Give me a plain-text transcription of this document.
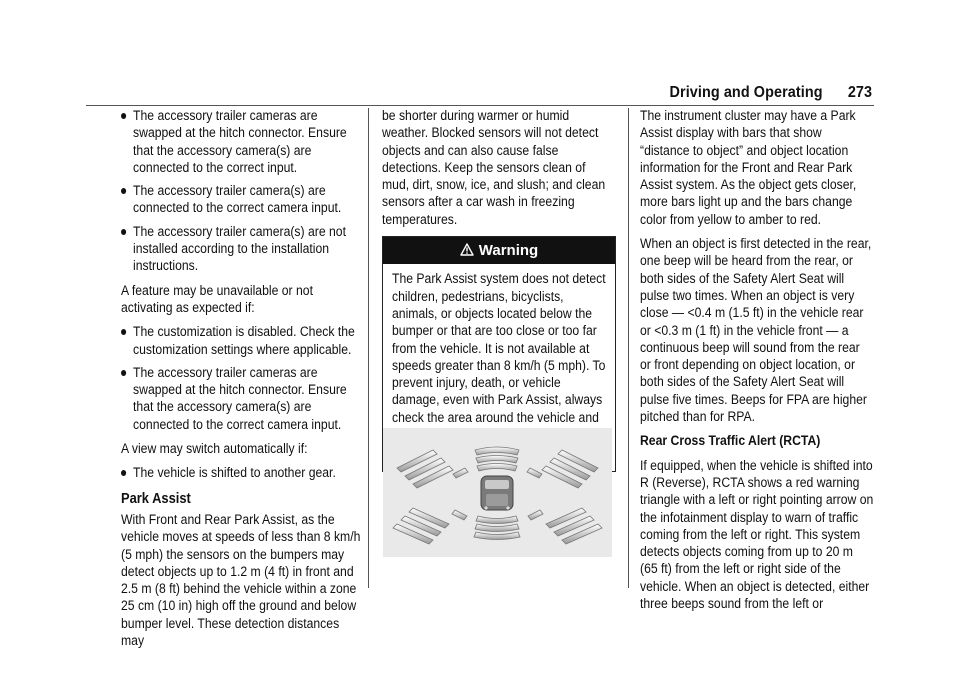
Driving and Operating 273
The accessory trailer cameras are swapped at the hitch connector. Ensure that the accessory camera(s) are connected to the correct input.
The accessory trailer camera(s) are connected to the correct camera input.
The accessory trailer camera(s) are not installed according to the installation instructions.

A feature may be unavailable or not activating as expected if:

The customization is disabled. Check the customization settings where applicable.
The accessory trailer cameras are swapped at the hitch connector. Ensure that the accessory camera(s) are connected to the correct camera input.

A view may switch automatically if:

The vehicle is shifted to another gear.
Park Assist

With Front and Rear Park Assist, as the vehicle moves at speeds of less than 8 km/h (5 mph) the sensors on the bumpers may detect objects up to 1.2 m (4 ft) in front and 2.5 m (8 ft) behind the vehicle within a zone 25 cm (10 in) high off the ground and below bumper level. These detection distances may

be shorter during warmer or humid weather. Blocked sensors will not detect objects and can also cause false detections. Keep the sensors clean of mud, dirt, snow, ice, and slush; and clean sensors after a car wash in freezing temperatures.

Warning
The Park Assist system does not detect children, pedestrians, bicyclists, animals, or objects located below the bumper or that are too close or too far from the vehicle. It is not available at speeds greater than 8 km/h (5 mph). To prevent injury, death, or vehicle damage, even with Park Assist, always check the area around the vehicle and

The instrument cluster may have a Park Assist display with bars that show “distance to object” and object location information for the Front and Rear Park Assist system. As the object gets closer, more bars light up and the bars change color from yellow to amber to red.

When an object is first detected in the rear, one beep will be heard from the rear, or both sides of the Safety Alert Seat will pulse two times. When an object is very close — <0.4 m (1.5 ft) in the vehicle rear or <0.3 m (1 ft) in the vehicle front — a continuous beep will sound from the rear or front depending on object location, or both sides of the Safety Alert Seat will pulse five times. Beeps for FPA are higher pitched than for RPA.

Rear Cross Traffic Alert (RCTA)

If equipped, when the vehicle is shifted into R (Reverse), RCTA shows a red warning triangle with a left or right pointing arrow on the infotainment display to warn of traffic coming from the left or right. This system detects objects coming from up to 20 m (65 ft) from the left or right side of the vehicle. When an object is detected, either three beeps sound from the left or
